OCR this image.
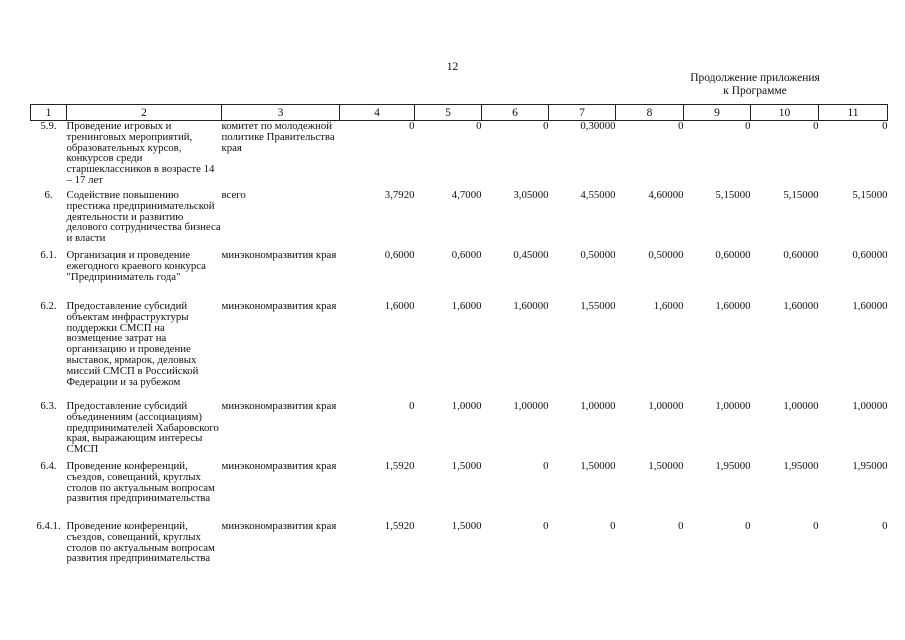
12
Продолжение приложения
к Программе
1	2	3	4	5	6	7	8	9	10	11
5.9.	Проведение игровых и тренинговых мероприятий, образовательных курсов, конкурсов среди старшеклассников в возрасте 14 – 17 лет	комитет по молодежной политике Правительства края	0	0	0	0,30000	0	0	0	0
6.	Содействие повышению престижа предпринимательской деятельности и развитию делового сотрудничества бизнеса и власти	всего	3,7920	4,7000	3,05000	4,55000	4,60000	5,15000	5,15000	5,15000
6.1.	Организация и проведение ежегодного краевого конкурса "Предприниматель года"	минэкономразвития края	0,6000	0,6000	0,45000	0,50000	0,50000	0,60000	0,60000	0,60000
6.2.	Предоставление субсидий объектам инфраструктуры поддержки СМСП на возмещение затрат на организацию и проведение выставок, ярмарок, деловых миссий СМСП в Российской Федерации и за рубежом	минэкономразвития края	1,6000	1,6000	1,60000	1,55000	1,6000	1,60000	1,60000	1,60000
6.3.	Предоставление субсидий объединениям (ассоциациям) предпринимателей Хабаровского края, выражающим интересы СМСП	минэкономразвития края	0	1,0000	1,00000	1,00000	1,00000	1,00000	1,00000	1,00000
6.4.	Проведение конференций, съездов, совещаний, круглых столов по актуальным вопросам развития предпринимательства	минэкономразвития края	1,5920	1,5000	0	1,50000	1,50000	1,95000	1,95000	1,95000
6.4.1.	Проведение конференций, съездов, совещаний, круглых столов по актуальным вопросам развития предпринимательства	минэкономразвития края	1,5920	1,5000	0	0	0	0	0	0
